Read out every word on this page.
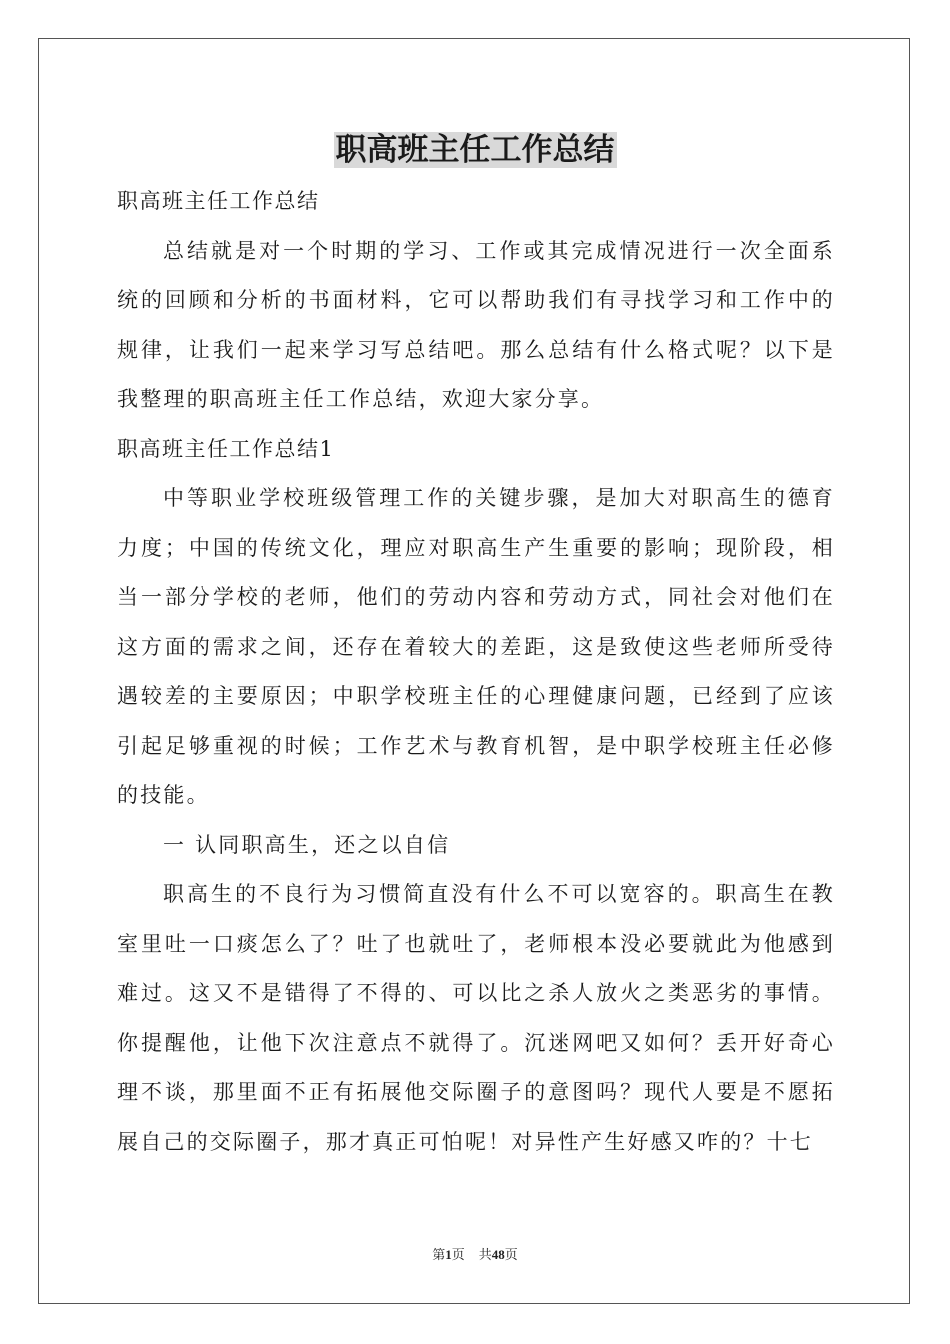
职高班主任工作总结

职高班主任工作总结

总结就是对一个时期的学习、工作或其完成情况进行一次全面系统的回顾和分析的书面材料，它可以帮助我们有寻找学习和工作中的规律，让我们一起来学习写总结吧。那么总结有什么格式呢？以下是我整理的职高班主任工作总结，欢迎大家分享。

职高班主任工作总结1

中等职业学校班级管理工作的关键步骤，是加大对职高生的德育力度；中国的传统文化，理应对职高生产生重要的影响；现阶段，相当一部分学校的老师，他们的劳动内容和劳动方式，同社会对他们在这方面的需求之间，还存在着较大的差距，这是致使这些老师所受待遇较差的主要原因；中职学校班主任的心理健康问题，已经到了应该引起足够重视的时候；工作艺术与教育机智，是中职学校班主任必修的技能。

一 认同职高生，还之以自信

职高生的不良行为习惯简直没有什么不可以宽容的。职高生在教室里吐一口痰怎么了？吐了也就吐了，老师根本没必要就此为他感到难过。这又不是错得了不得的、可以比之杀人放火之类恶劣的事情。你提醒他，让他下次注意点不就得了。沉迷网吧又如何？丢开好奇心理不谈，那里面不正有拓展他交际圈子的意图吗？现代人要是不愿拓展自己的交际圈子，那才真正可怕呢！对异性产生好感又咋的？十七

第1页 共48页
